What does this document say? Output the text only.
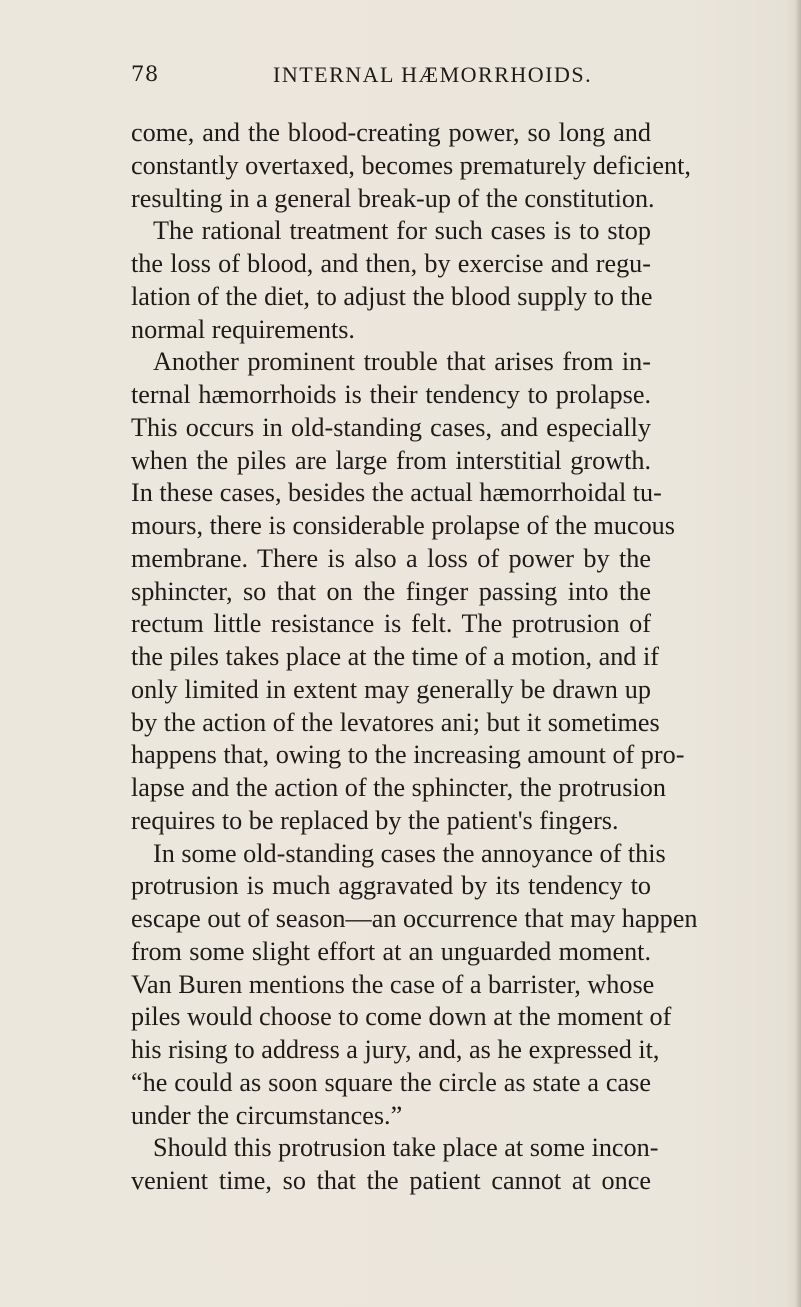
78	INTERNAL HÆMORRHOIDS.
come, and the blood-creating power, so long and
constantly overtaxed, becomes prematurely deficient,
resulting in a general break-up of the constitution.
The rational treatment for such cases is to stop
the loss of blood, and then, by exercise and regu-
lation of the diet, to adjust the blood supply to the
normal requirements.
Another prominent trouble that arises from in-
ternal hæmorrhoids is their tendency to prolapse.
This occurs in old-standing cases, and especially
when the piles are large from interstitial growth.
In these cases, besides the actual hæmorrhoidal tu-
mours, there is considerable prolapse of the mucous
membrane. There is also a loss of power by the
sphincter, so that on the finger passing into the
rectum little resistance is felt. The protrusion of
the piles takes place at the time of a motion, and if
only limited in extent may generally be drawn up
by the action of the levatores ani; but it sometimes
happens that, owing to the increasing amount of pro-
lapse and the action of the sphincter, the protrusion
requires to be replaced by the patient's fingers.
In some old-standing cases the annoyance of this
protrusion is much aggravated by its tendency to
escape out of season—an occurrence that may happen
from some slight effort at an unguarded moment.
Van Buren mentions the case of a barrister, whose
piles would choose to come down at the moment of
his rising to address a jury, and, as he expressed it,
“he could as soon square the circle as state a case
under the circumstances.”
Should this protrusion take place at some incon-
venient time, so that the patient cannot at once
